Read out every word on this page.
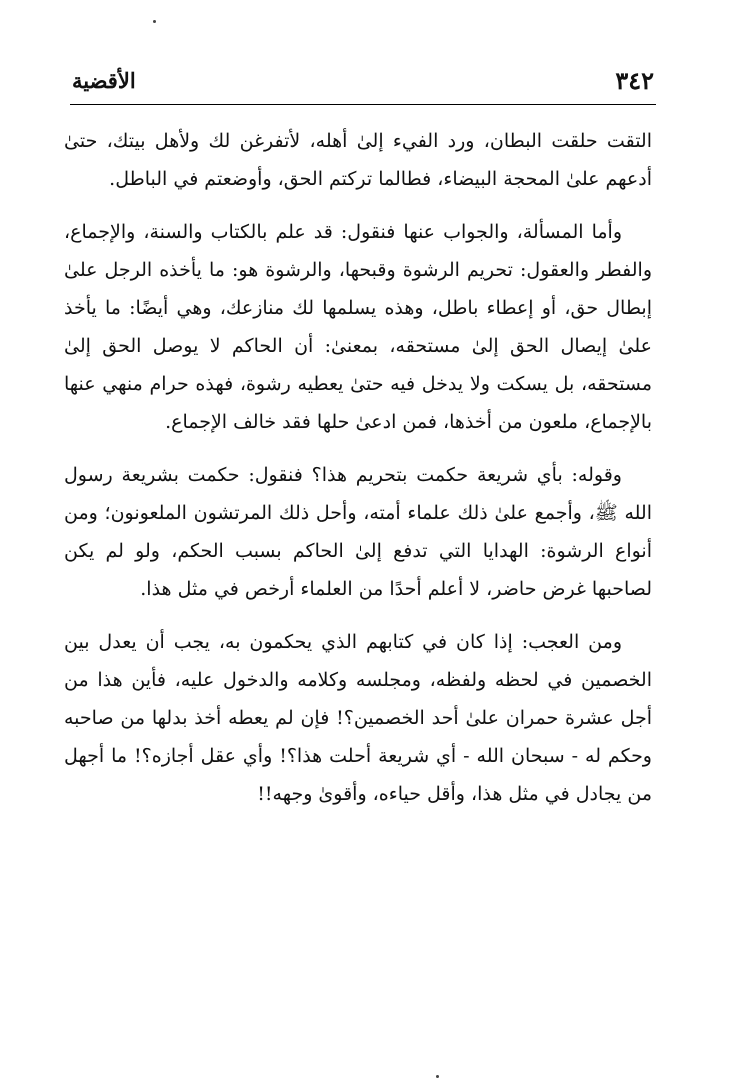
٣٤٢
الأقضية

التقت حلقت البطان، ورد الفيء إلىٰ أهله، لأتفرغن لك ولأهل بيتك، حتىٰ أدعهم علىٰ المحجة البيضاء، فطالما تركتم الحق، وأوضعتم في الباطل.

وأما المسألة، والجواب عنها فنقول: قد علم بالكتاب والسنة، والإجماع، والفطر والعقول: تحريم الرشوة وقبحها، والرشوة هو: ما يأخذه الرجل علىٰ إبطال حق، أو إعطاء باطل، وهذه يسلمها لك منازعك، وهي أيضًا: ما يأخذ علىٰ إيصال الحق إلىٰ مستحقه، بمعنىٰ: أن الحاكم لا يوصل الحق إلىٰ مستحقه، بل يسكت ولا يدخل فيه حتىٰ يعطيه رشوة، فهذه حرام منهي عنها بالإجماع، ملعون من أخذها، فمن ادعىٰ حلها فقد خالف الإجماع.

وقوله: بأي شريعة حكمت بتحريم هذا؟ فنقول: حكمت بشريعة رسول الله ﷺ، وأجمع علىٰ ذلك علماء أمته، وأحل ذلك المرتشون الملعونون؛ ومن أنواع الرشوة: الهدايا التي تدفع إلىٰ الحاكم بسبب الحكم، ولو لم يكن لصاحبها غرض حاضر، لا أعلم أحدًا من العلماء أرخص في مثل هذا.

ومن العجب: إذا كان في كتابهم الذي يحكمون به، يجب أن يعدل بين الخصمين في لحظه ولفظه، ومجلسه وكلامه والدخول عليه، فأين هذا من أجل عشرة حمران علىٰ أحد الخصمين؟! فإن لم يعطه أخذ بدلها من صاحبه وحكم له - سبحان الله - أي شريعة أحلت هذا؟! وأي عقل أجازه؟! ما أجهل من يجادل في مثل هذا، وأقل حياءه، وأقوىٰ وجهه!!
